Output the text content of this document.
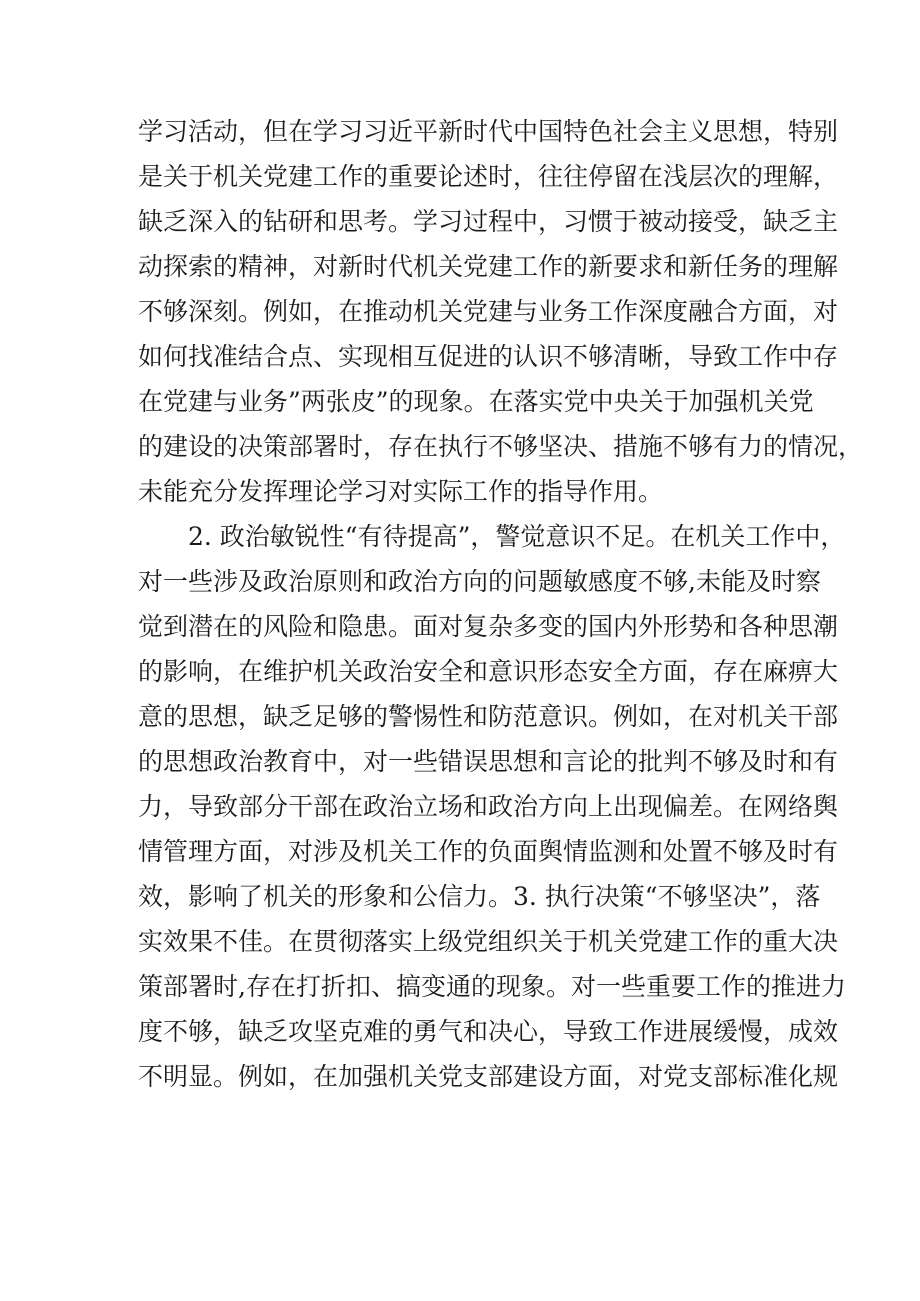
学习活动，但在学习习近平新时代中国特色社会主义思想，特别
是关于机关党建工作的重要论述时，往往停留在浅层次的理解，
缺乏深入的钻研和思考。学习过程中，习惯于被动接受，缺乏主
动探索的精神，对新时代机关党建工作的新要求和新任务的理解
不够深刻。例如，在推动机关党建与业务工作深度融合方面，对
如何找准结合点、实现相互促进的认识不够清晰，导致工作中存
在党建与业务”两张皮”的现象。在落实党中央关于加强机关党
的建设的决策部署时，存在执行不够坚决、措施不够有力的情况，
未能充分发挥理论学习对实际工作的指导作用。
2. 政治敏锐性“有待提高”，警觉意识不足。在机关工作中，
对一些涉及政治原则和政治方向的问题敏感度不够,未能及时察
觉到潜在的风险和隐患。面对复杂多变的国内外形势和各种思潮
的影响，在维护机关政治安全和意识形态安全方面，存在麻痹大
意的思想，缺乏足够的警惕性和防范意识。例如，在对机关干部
的思想政治教育中，对一些错误思想和言论的批判不够及时和有
力，导致部分干部在政治立场和政治方向上出现偏差。在网络舆
情管理方面，对涉及机关工作的负面舆情监测和处置不够及时有
效，影响了机关的形象和公信力。3. 执行决策“不够坚决”，落
实效果不佳。在贯彻落实上级党组织关于机关党建工作的重大决
策部署时,存在打折扣、搞变通的现象。对一些重要工作的推进力
度不够，缺乏攻坚克难的勇气和决心，导致工作进展缓慢，成效
不明显。例如，在加强机关党支部建设方面，对党支部标准化规
